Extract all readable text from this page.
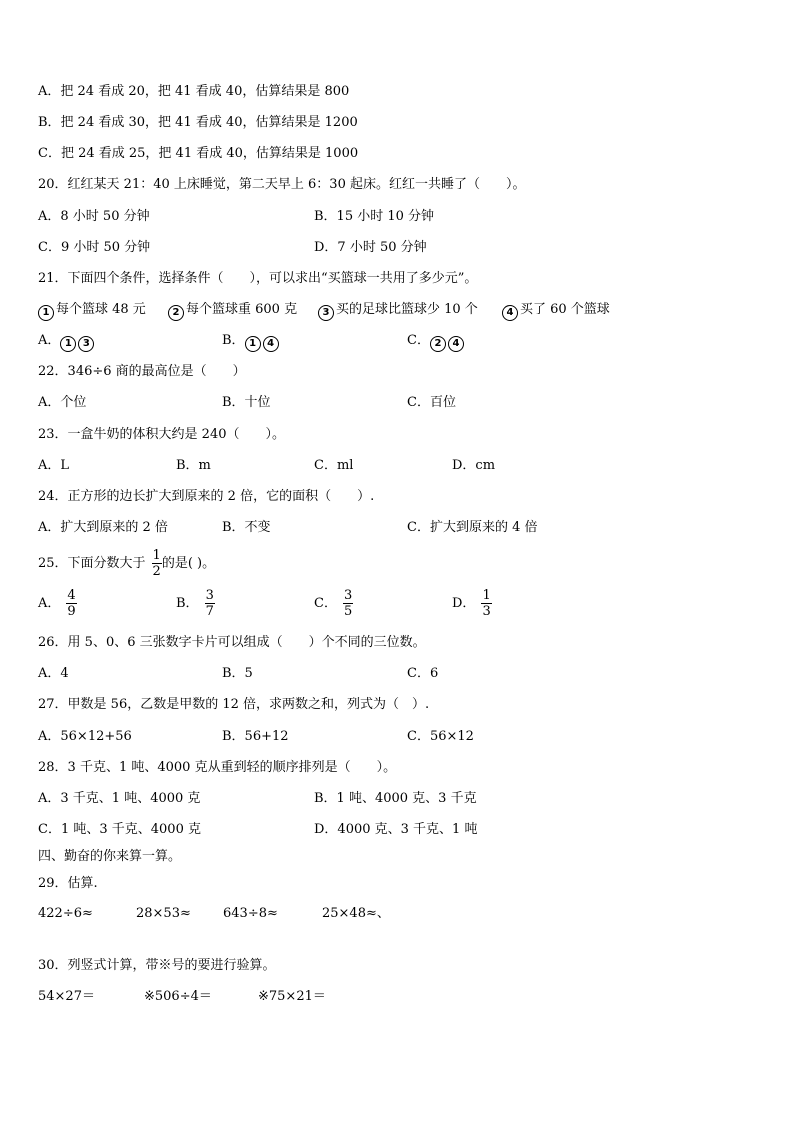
A．把 24 看成 20，把 41 看成 40，估算结果是 800
B．把 24 看成 30，把 41 看成 40，估算结果是 1200
C．把 24 看成 25，把 41 看成 40，估算结果是 1000
20．红红某天 21：40 上床睡觉，第二天早上 6：30 起床。红红一共睡了（　　）。
A．8 小时 50 分钟	B．15 小时 10 分钟
C．9 小时 50 分钟	D．7 小时 50 分钟
21．下面四个条件，选择条件（　　），可以求出“买篮球一共用了多少元”。
1 每个篮球 48 元	2 每个篮球重 600 克	3 买的足球比篮球少 10 个	4 买了 60 个篮球
A． 1 3	B． 1 4	C． 2 4
22．346÷6 商的最高位是（　　）
A．个位	B．十位	C．百位
23．一盒牛奶的体积大约是 240（　　）。
A．L	B．m	C．ml	D．cm
24．正方形的边长扩大到原来的 2 倍，它的面积（　　）.
A．扩大到原来的 2 倍	B．不变	C．扩大到原来的 4 倍
25．下面分数大于 $\frac{1}{2}$ 的是( )。
A． $\frac{4}{9}$	B． $\frac{3}{7}$	C． $\frac{3}{5}$	D． $\frac{1}{3}$
26．用 5、0、6 三张数字卡片可以组成（　　）个不同的三位数。
A．4	B．5	C．6
27．甲数是 56，乙数是甲数的 12 倍，求两数之和，列式为（　）.
A．56×12+56	B．56+12	C．56×12
28．3 千克、1 吨、4000 克从重到轻的顺序排列是（　　）。
A．3 千克、1 吨、4000 克	B．1 吨、4000 克、3 千克
C．1 吨、3 千克、4000 克	D．4000 克、3 千克、1 吨
四、勤奋的你来算一算。
29．估算.
422÷6≈	28×53≈ 643÷8≈	25×48≈、
30．列竖式计算，带※号的要进行验算。
54×27＝	※506÷4＝	※75×21＝
